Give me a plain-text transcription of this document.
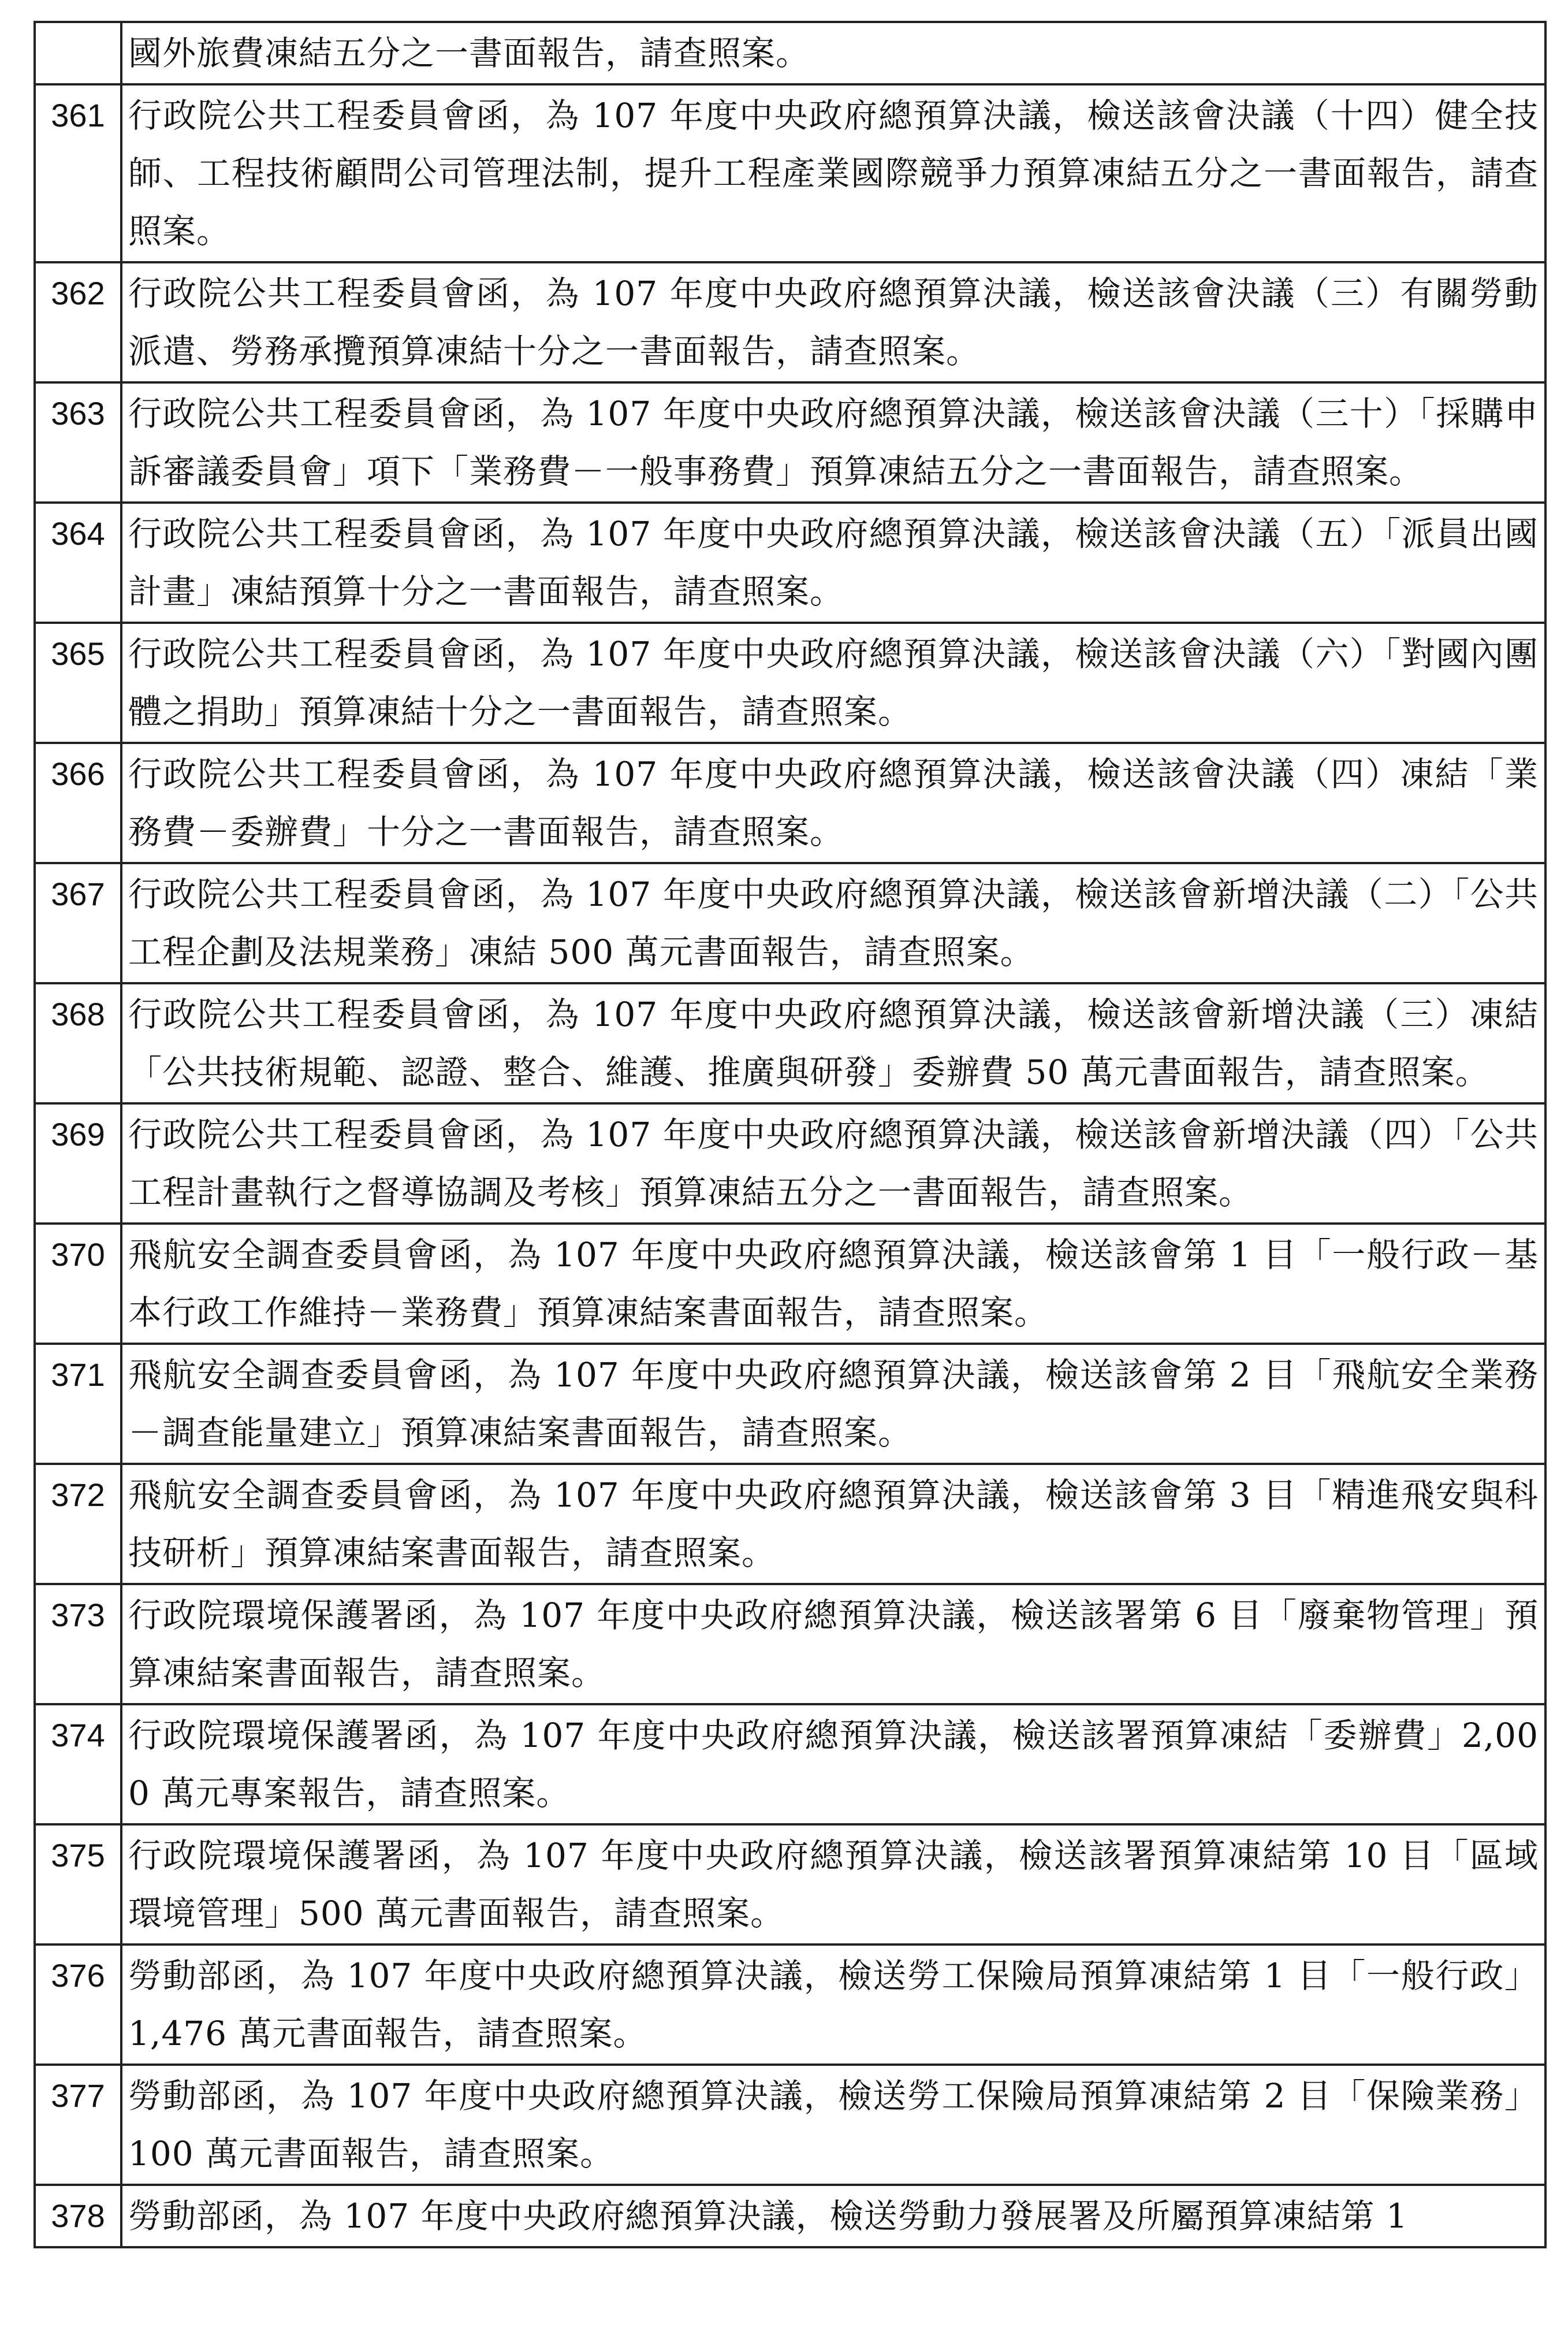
	國外旅費凍結五分之一書面報告，請查照案。
361	行政院公共工程委員會函，為 107 年度中央政府總預算決議，檢送該會決議（十四）健全技師、工程技術顧問公司管理法制，提升工程產業國際競爭力預算凍結五分之一書面報告，請查照案。
362	行政院公共工程委員會函，為 107 年度中央政府總預算決議，檢送該會決議（三）有關勞動派遣、勞務承攬預算凍結十分之一書面報告，請查照案。
363	行政院公共工程委員會函，為 107 年度中央政府總預算決議，檢送該會決議（三十）「採購申訴審議委員會」項下「業務費－一般事務費」預算凍結五分之一書面報告，請查照案。
364	行政院公共工程委員會函，為 107 年度中央政府總預算決議，檢送該會決議（五）「派員出國計畫」凍結預算十分之一書面報告，請查照案。
365	行政院公共工程委員會函，為 107 年度中央政府總預算決議，檢送該會決議（六）「對國內團體之捐助」預算凍結十分之一書面報告，請查照案。
366	行政院公共工程委員會函，為 107 年度中央政府總預算決議，檢送該會決議（四）凍結「業務費－委辦費」十分之一書面報告，請查照案。
367	行政院公共工程委員會函，為 107 年度中央政府總預算決議，檢送該會新增決議（二）「公共工程企劃及法規業務」凍結 500 萬元書面報告，請查照案。
368	行政院公共工程委員會函，為 107 年度中央政府總預算決議，檢送該會新增決議（三）凍結「公共技術規範、認證、整合、維護、推廣與研發」委辦費 50 萬元書面報告，請查照案。
369	行政院公共工程委員會函，為 107 年度中央政府總預算決議，檢送該會新增決議（四）「公共工程計畫執行之督導協調及考核」預算凍結五分之一書面報告，請查照案。
370	飛航安全調查委員會函，為 107 年度中央政府總預算決議，檢送該會第 1 目「一般行政－基本行政工作維持－業務費」預算凍結案書面報告，請查照案。
371	飛航安全調查委員會函，為 107 年度中央政府總預算決議，檢送該會第 2 目「飛航安全業務－調查能量建立」預算凍結案書面報告，請查照案。
372	飛航安全調查委員會函，為 107 年度中央政府總預算決議，檢送該會第 3 目「精進飛安與科技研析」預算凍結案書面報告，請查照案。
373	行政院環境保護署函，為 107 年度中央政府總預算決議，檢送該署第 6 目「廢棄物管理」預算凍結案書面報告，請查照案。
374	行政院環境保護署函，為 107 年度中央政府總預算決議，檢送該署預算凍結「委辦費」2,000 萬元專案報告，請查照案。
375	行政院環境保護署函，為 107 年度中央政府總預算決議，檢送該署預算凍結第 10 目「區域環境管理」500 萬元書面報告，請查照案。
376	勞動部函，為 107 年度中央政府總預算決議，檢送勞工保險局預算凍結第 1 目「一般行政」1,476 萬元書面報告，請查照案。
377	勞動部函，為 107 年度中央政府總預算決議，檢送勞工保險局預算凍結第 2 目「保險業務」100 萬元書面報告，請查照案。
378	勞動部函，為 107 年度中央政府總預算決議，檢送勞動力發展署及所屬預算凍結第 1
